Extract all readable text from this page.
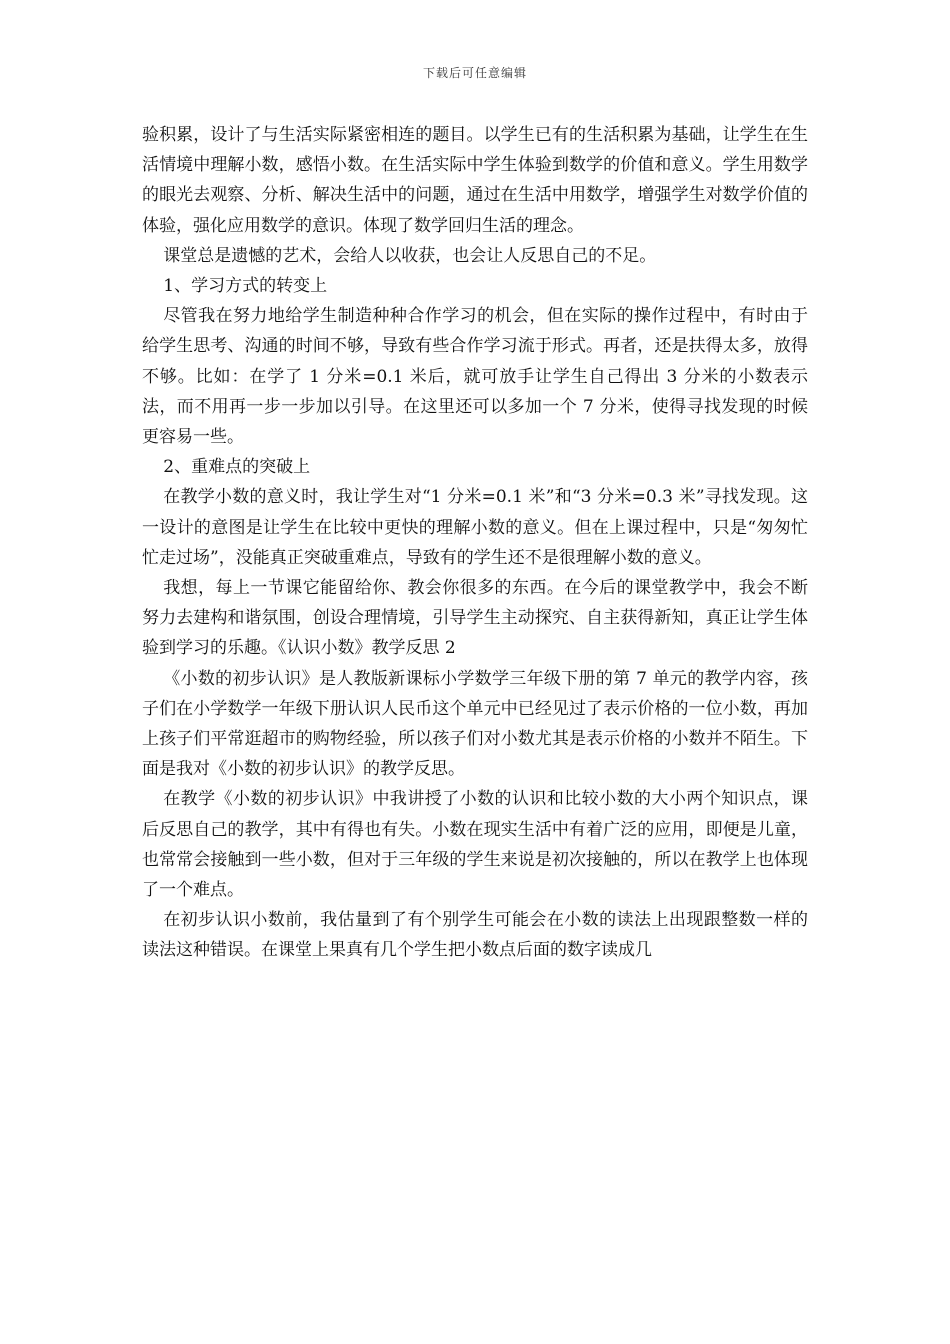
下载后可任意编辑

验积累，设计了与生活实际紧密相连的题目。以学生已有的生活积累为基础，让学生在生活情境中理解小数，感悟小数。在生活实际中学生体验到数学的价值和意义。学生用数学的眼光去观察、分析、解决生活中的问题，通过在生活中用数学，增强学生对数学价值的体验，强化应用数学的意识。体现了数学回归生活的理念。

课堂总是遗憾的艺术，会给人以收获，也会让人反思自己的不足。

1、学习方式的转变上

尽管我在努力地给学生制造种种合作学习的机会，但在实际的操作过程中，有时由于给学生思考、沟通的时间不够，导致有些合作学习流于形式。再者，还是扶得太多，放得不够。比如：在学了 1 分米=0.1 米后，就可放手让学生自己得出 3 分米的小数表示法，而不用再一步一步加以引导。在这里还可以多加一个 7 分米，使得寻找发现的时候更容易一些。

2、重难点的突破上

在教学小数的意义时，我让学生对“1 分米=0.1 米”和“3 分米=0.3 米”寻找发现。这一设计的意图是让学生在比较中更快的理解小数的意义。但在上课过程中，只是“匆匆忙忙走过场”，没能真正突破重难点，导致有的学生还不是很理解小数的意义。

我想，每上一节课它能留给你、教会你很多的东西。在今后的课堂教学中，我会不断努力去建构和谐氛围，创设合理情境，引导学生主动探究、自主获得新知，真正让学生体验到学习的乐趣。《认识小数》教学反思 2

《小数的初步认识》是人教版新课标小学数学三年级下册的第 7 单元的教学内容，孩子们在小学数学一年级下册认识人民币这个单元中已经见过了表示价格的一位小数，再加上孩子们平常逛超市的购物经验，所以孩子们对小数尤其是表示价格的小数并不陌生。下面是我对《小数的初步认识》的教学反思。

在教学《小数的初步认识》中我讲授了小数的认识和比较小数的大小两个知识点，课后反思自己的教学，其中有得也有失。小数在现实生活中有着广泛的应用，即便是儿童，也常常会接触到一些小数，但对于三年级的学生来说是初次接触的，所以在教学上也体现了一个难点。

在初步认识小数前，我估量到了有个别学生可能会在小数的读法上出现跟整数一样的读法这种错误。在课堂上果真有几个学生把小数点后面的数字读成几
